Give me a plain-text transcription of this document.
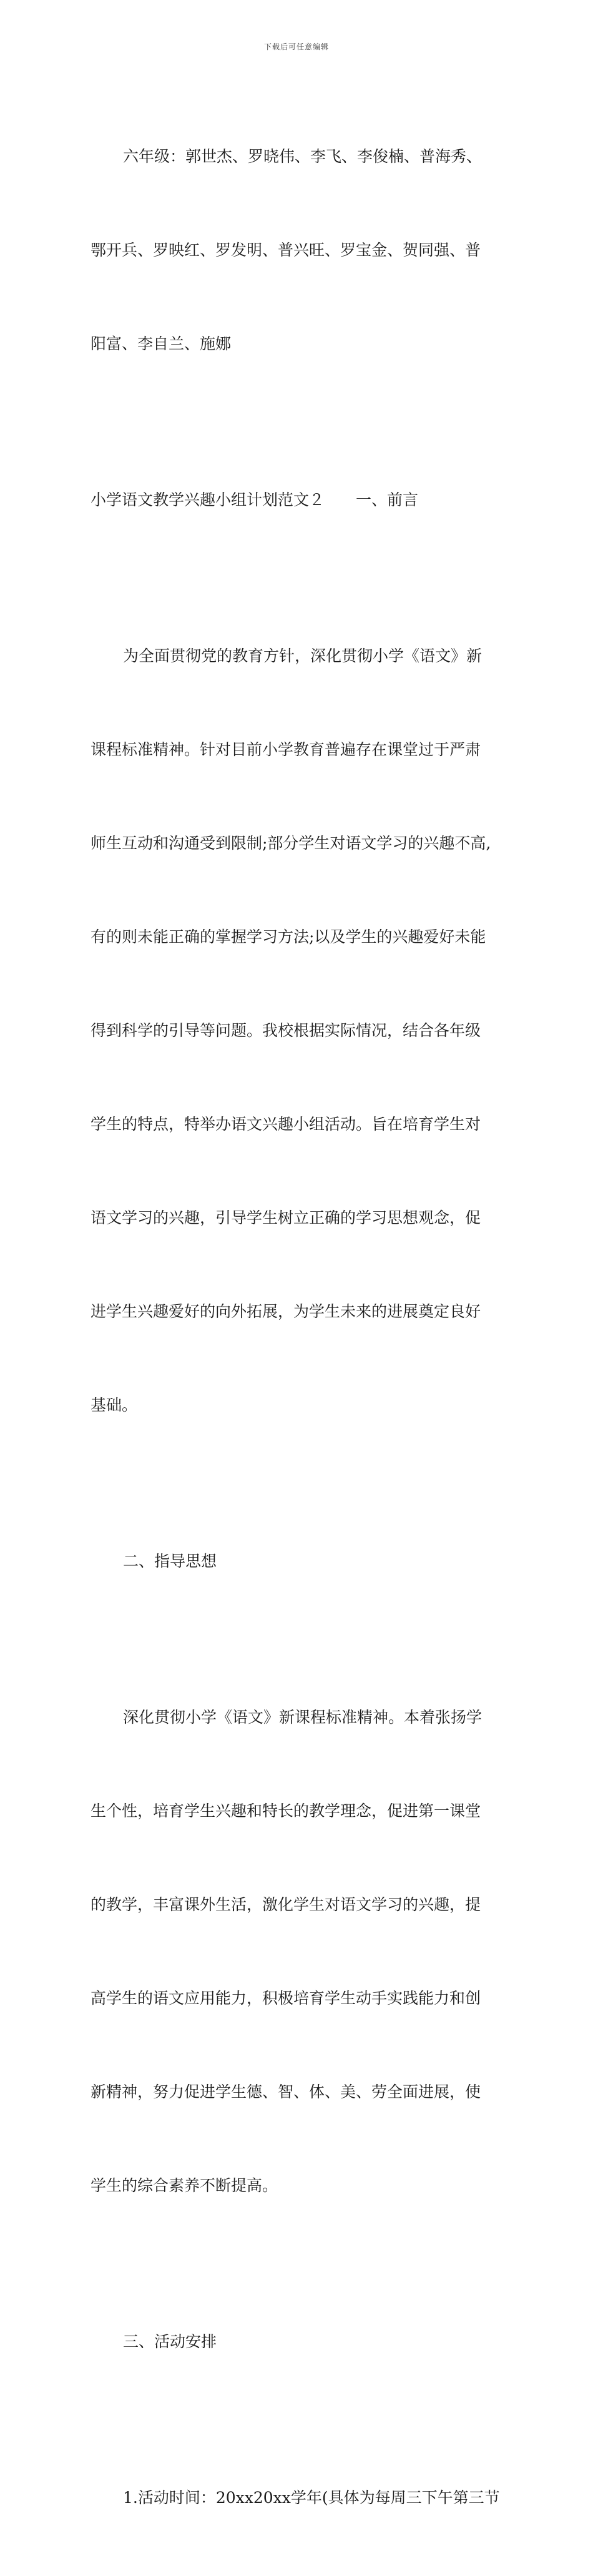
下载后可任意编辑

六年级：郭世杰、罗晓伟、李飞、李俊楠、普海秀、

鄂开兵、罗映红、罗发明、普兴旺、罗宝金、贺同强、普

阳富、李自兰、施娜

小学语文教学兴趣小组计划范文２　　一、前言

为全面贯彻党的教育方针，深化贯彻小学《语文》新

课程标准精神。针对目前小学教育普遍存在课堂过于严肃

师生互动和沟通受到限制;部分学生对语文学习的兴趣不高,

有的则未能正确的掌握学习方法;以及学生的兴趣爱好未能

得到科学的引导等问题。我校根据实际情况，结合各年级

学生的特点，特举办语文兴趣小组活动。旨在培育学生对

语文学习的兴趣，引导学生树立正确的学习思想观念，促

进学生兴趣爱好的向外拓展，为学生未来的进展奠定良好

基础。

二、指导思想

深化贯彻小学《语文》新课程标准精神。本着张扬学

生个性，培育学生兴趣和特长的教学理念，促进第一课堂

的教学，丰富课外生活，激化学生对语文学习的兴趣，提

高学生的语文应用能力，积极培育学生动手实践能力和创

新精神，努力促进学生德、智、体、美、劳全面进展，使

学生的综合素养不断提高。

三、活动安排

1.活动时间：20xx20xx学年(具体为每周三下午第三节
